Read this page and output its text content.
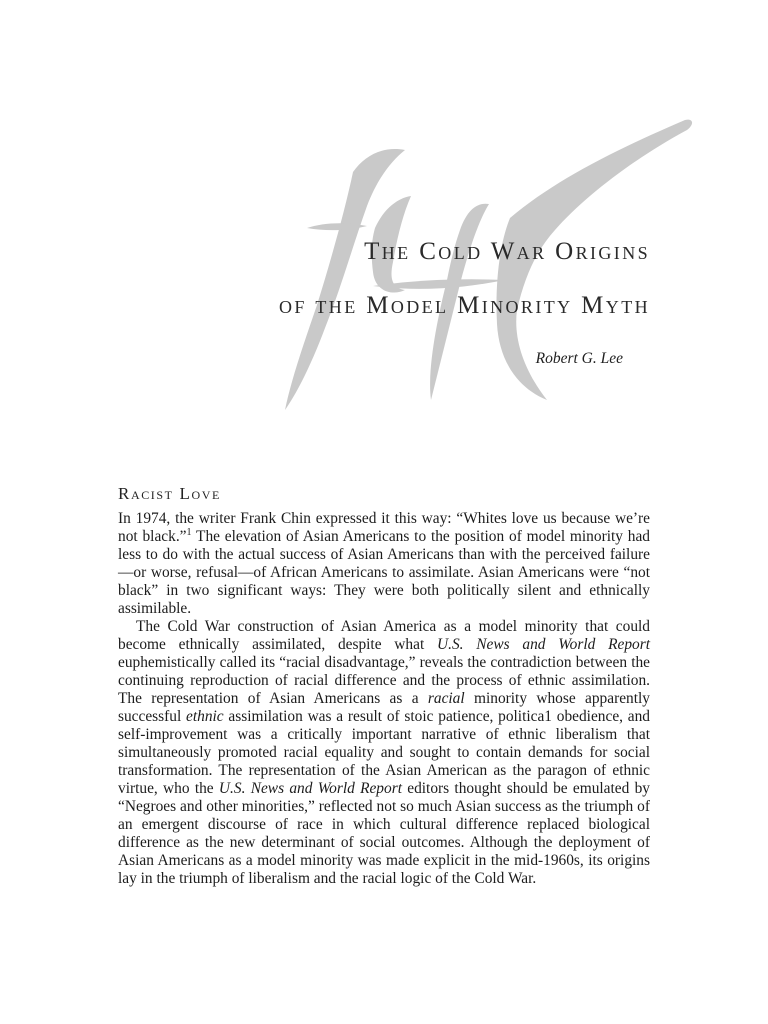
The Cold War Origins
of the Model Minority Myth
Robert G. Lee
Racist Love

In 1974, the writer Frank Chin expressed it this way: “Whites love us because we’re not black.”$^1$ The elevation of Asian Americans to the position of model minority had less to do with the actual success of Asian Americans than with the perceived failure—or worse, refusal—of African Americans to assimilate. Asian Americans were “not black” in two significant ways: They were both politically silent and ethnically assimilable.

The Cold War construction of Asian America as a model minority that could become ethnically assimilated, despite what U.S. News and World Report euphemistically called its “racial disadvantage,” reveals the contradiction between the continuing reproduction of racial difference and the process of ethnic assimilation. The representation of Asian Americans as a racial minority whose apparently successful ethnic assimilation was a result of stoic patience, politica1 obedience, and self-improvement was a critically important narrative of ethnic liberalism that simultaneously promoted racial equality and sought to contain demands for social transformation. The representation of the Asian American as the paragon of ethnic virtue, who the U.S. News and World Report editors thought should be emulated by “Negroes and other minorities,” reflected not so much Asian success as the triumph of an emergent discourse of race in which cultural difference replaced biological difference as the new determinant of social outcomes. Although the deployment of Asian Americans as a model minority was made explicit in the mid-1960s, its origins lay in the triumph of liberalism and the racial logic of the Cold War.
